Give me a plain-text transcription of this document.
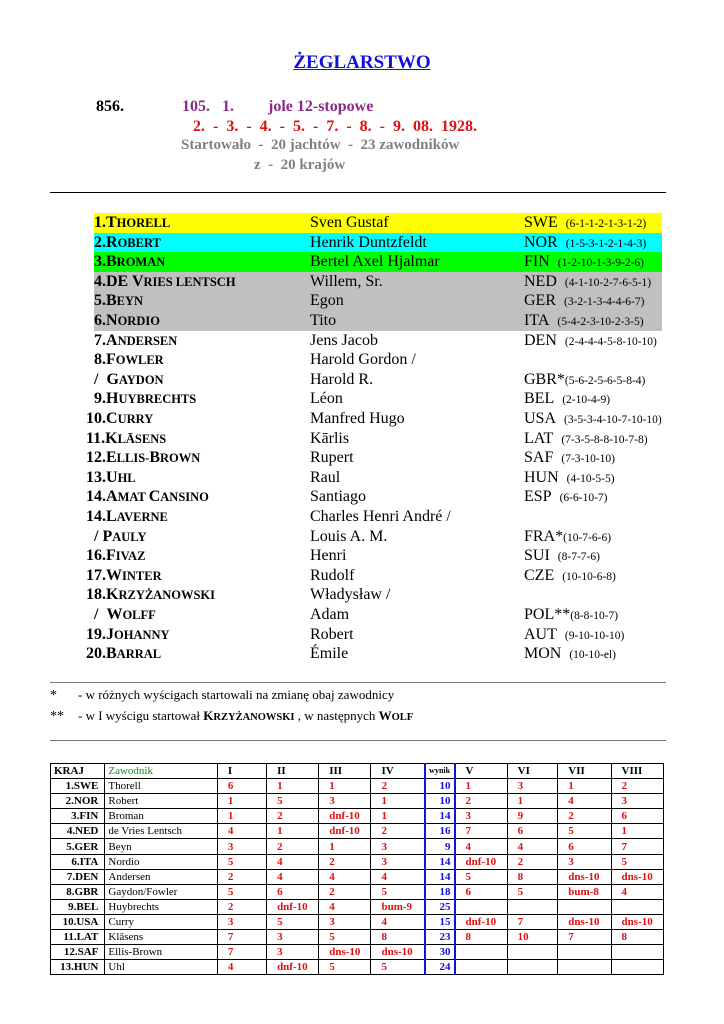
ŻEGLARSTWO
856.	105.   1. jole 12-stopowe
2.  -  3.  -  4.  -  5.  -  7.  -  8.  -  9.  08.  1928.
Startowało  -  20 jachtów  -  23 zawodników
z  -  20 krajów
1.THORELL	Sven Gustaf	SWE  (6-1-1-2-1-3-1-2)
2.ROBERT	Henrik Duntzfeldt	NOR  (1-5-3-1-2-1-4-3)
3.BROMAN	Bertel Axel Hjalmar	FIN  (1-2-10-1-3-9-2-6)
4.DE VRIES LENTSCH	Willem, Sr.	NED  (4-1-10-2-7-6-5-1)
5.BEYN	Egon	GER  (3-2-1-3-4-4-6-7)
6.NORDIO	Tito	ITA  (5-4-2-3-10-2-3-5)
7.ANDERSEN	Jens Jacob	DEN  (2-4-4-4-5-8-10-10)
8.FOWLER	Harold Gordon /
/  GAYDON	Harold R.	GBR*(5-6-2-5-6-5-8-4)
9.HUYBRECHTS	Léon	BEL  (2-10-4-9)
10.CURRY	Manfred Hugo	USA  (3-5-3-4-10-7-10-10)
11.KLĀSENS	Kārlis	LAT  (7-3-5-8-8-10-7-8)
12.ELLIS-BROWN	Rupert	SAF  (7-3-10-10)
13.UHL	Raul	HUN  (4-10-5-5)
14.AMAT CANSINO	Santiago	ESP  (6-6-10-7)
14.LAVERNE	Charles Henri André /
/ PAULY	Louis A. M.	FRA*(10-7-6-6)
16.FIVAZ	Henri	SUI  (8-7-7-6)
17.WINTER	Rudolf	CZE  (10-10-6-8)
18.KRZYŻANOWSKI	Władysław /
/  WOLFF	Adam	POL**(8-8-10-7)
19.JOHANNY	Robert	AUT  (9-10-10-10)
20.BARRAL	Émile	MON  (10-10-el)
* - w różnych wyścigach startowali na zmianę obaj zawodnicy
** - w I wyścigu startował KRZYŻANOWSKI , w następnych WOLF
KRAJ	Zawodnik	I	II	III	IV	wynik	V	VI	VII	VIII
1.SWE	Thorell	6	1	1	2	10	1	3	1	2
2.NOR	Robert	1	5	3	1	10	2	1	4	3
3.FIN	Broman	1	2	dnf-10	1	14	3	9	2	6
4.NED	de Vries Lentsch	4	1	dnf-10	2	16	7	6	5	1
5.GER	Beyn	3	2	1	3	9	4	4	6	7
6.ITA	Nordio	5	4	2	3	14	dnf-10	2	3	5
7.DEN	Andersen	2	4	4	4	14	5	8	dns-10	dns-10
8.GBR	Gaydon/Fowler	5	6	2	5	18	6	5	bum-8	4
9.BEL	Huybrechts	2	dnf-10	4	bum-9	25				
10.USA	Curry	3	5	3	4	15	dnf-10	7	dns-10	dns-10
11.LAT	Klāsens	7	3	5	8	23	8	10	7	8
12.SAF	Ellis-Brown	7	3	dns-10	dns-10	30				
13.HUN	Uhl	4	dnf-10	5	5	24				
